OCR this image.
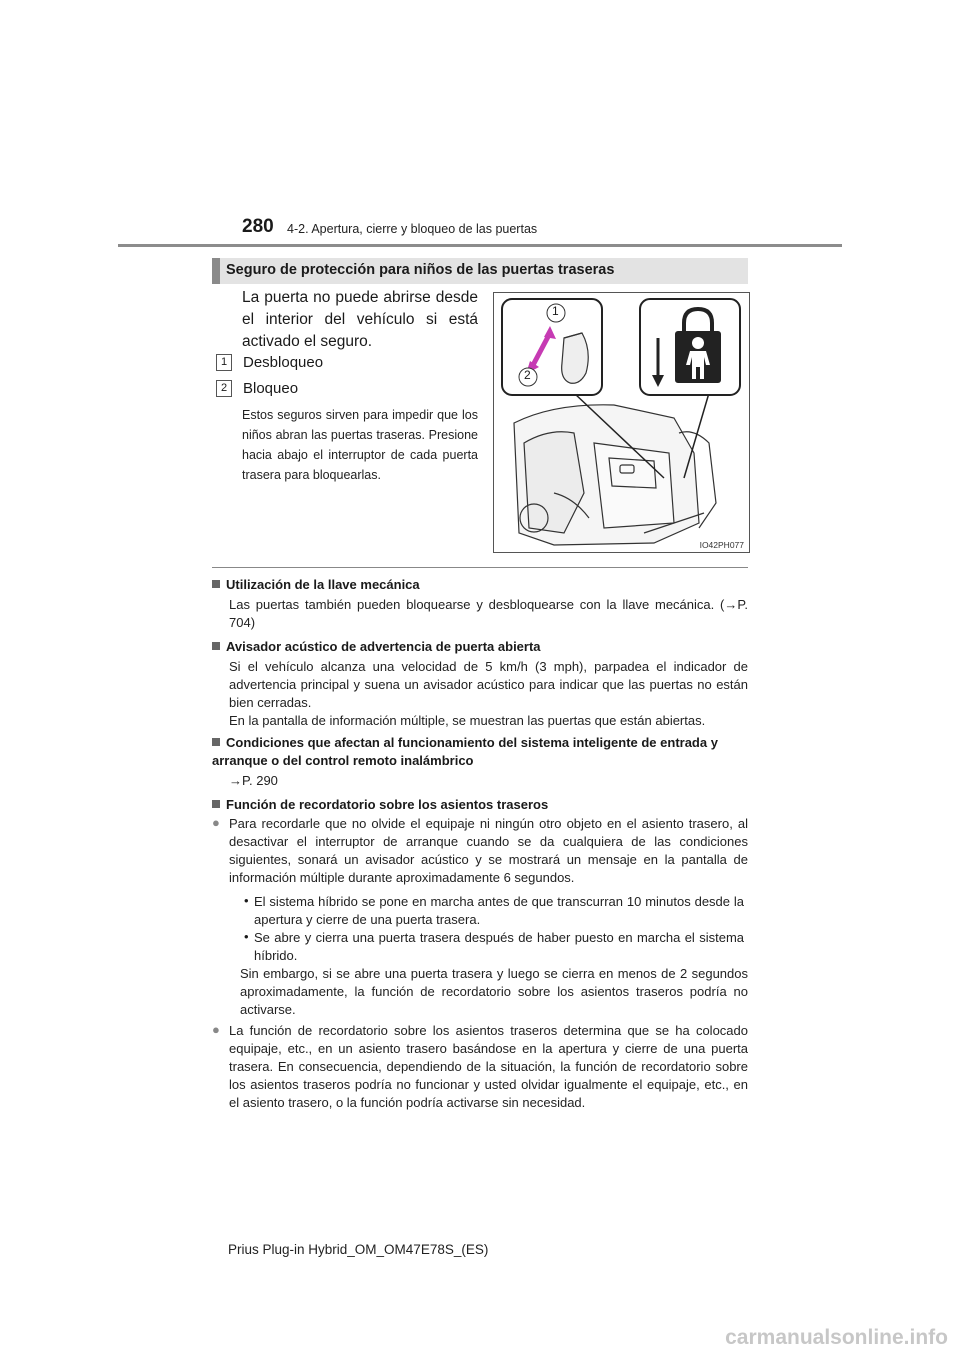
280 4-2. Apertura, cierre y bloqueo de las puertas
Seguro de protección para niños de las puertas traseras
La puerta no puede abrirse desde el interior del vehículo si está activado el seguro.
1 Desbloqueo
2 Bloqueo
Estos seguros sirven para impedir que los niños abran las puertas traseras. Presione hacia abajo el interruptor de cada puerta trasera para bloquearlas.
1
2
IO42PH077
Utilización de la llave mecánica
Las puertas también pueden bloquearse y desbloquearse con la llave mecánica. (→P. 704)
Avisador acústico de advertencia de puerta abierta
Si el vehículo alcanza una velocidad de 5 km/h (3 mph), parpadea el indicador de advertencia principal y suena un avisador acústico para indicar que las puertas no están bien cerradas.
En la pantalla de información múltiple, se muestran las puertas que están abiertas.
Condiciones que afectan al funcionamiento del sistema inteligente de entrada y arranque o del control remoto inalámbrico
→P. 290
Función de recordatorio sobre los asientos traseros
● Para recordarle que no olvide el equipaje ni ningún otro objeto en el asiento trasero, al desactivar el interruptor de arranque cuando se da cualquiera de las condiciones siguientes, sonará un avisador acústico y se mostrará un mensaje en la pantalla de información múltiple durante aproximadamente 6 segundos.
• El sistema híbrido se pone en marcha antes de que transcurran 10 minutos desde la apertura y cierre de una puerta trasera.
• Se abre y cierra una puerta trasera después de haber puesto en marcha el sistema híbrido.
Sin embargo, si se abre una puerta trasera y luego se cierra en menos de 2 segundos aproximadamente, la función de recordatorio sobre los asientos traseros podría no activarse.
● La función de recordatorio sobre los asientos traseros determina que se ha colocado equipaje, etc., en un asiento trasero basándose en la apertura y cierre de una puerta trasera. En consecuencia, dependiendo de la situación, la función de recordatorio sobre los asientos traseros podría no funcionar y usted olvidar igualmente el equipaje, etc., en el asiento trasero, o la función podría activarse sin necesidad.
Prius Plug-in Hybrid_OM_OM47E78S_(ES)
carmanualsonline.info
